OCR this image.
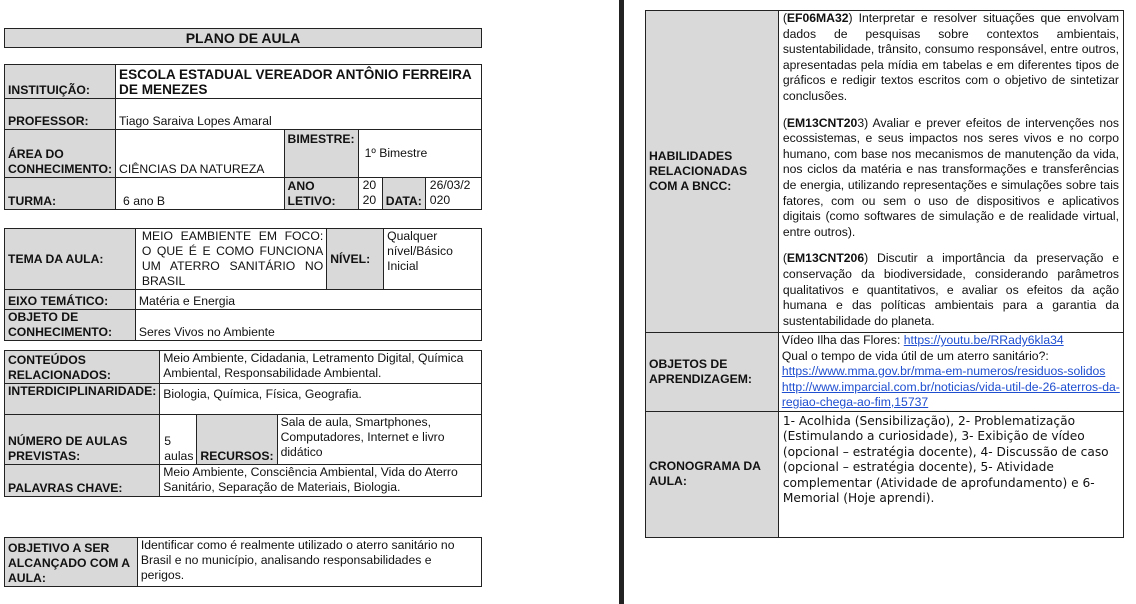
PLANO DE AULA
INSTITUIÇÃO:	ESCOLA ESTADUAL VEREADOR ANTÔNIO FERREIRA DE MENEZES				
PROFESSOR:	Tiago Saraiva Lopes Amaral				
ÁREA DO CONHECIMENTO:	CIÊNCIAS DA NATUREZA	BIMESTRE:	1º Bimestre		
TURMA:	6 ano B	ANO LETIVO:	2020	DATA:	26/03/2020
TEMA DA AULA:	MEIO EAMBIENTE EM FOCO: O QUE É E COMO FUNCIONA UM ATERRO SANITÁRIO NO BRASIL	NÍVEL:	Qualquer nível/Básico Inicial
EIXO TEMÁTICO:	Matéria e Energia		
OBJETO DE CONHECIMENTO:	Seres Vivos no Ambiente		
CONTEÚDOS RELACIONADOS:	Meio Ambiente, Cidadania, Letramento Digital, Química Ambiental, Responsabilidade Ambiental.		
INTERDICIPLINARIDADE:	Biologia, Química, Física, Geografia.		
NÚMERO DE AULAS PREVISTAS:	5 aulas	RECURSOS:	Sala de aula, Smartphones, Computadores, Internet e livro didático
PALAVRAS CHAVE:	Meio Ambiente, Consciência Ambiental, Vida do Aterro Sanitário, Separação de Materiais, Biologia.		
OBJETIVO A SER ALCANÇADO COM A AULA:	Identificar como é realmente utilizado o aterro sanitário no Brasil e no município, analisando responsabilidades e perigos.
HABILIDADES RELACIONADAS COM A BNCC:	(EF06MA32) Interpretar e resolver situações que envolvam dados de pesquisas sobre contextos ambientais, sustentabilidade, trânsito, consumo responsável, entre outros, apresentadas pela mídia em tabelas e em diferentes tipos de gráficos e redigir textos escritos com o objetivo de sintetizar conclusões.

(EM13CNT203) Avaliar e prever efeitos de intervenções nos ecossistemas, e seus impactos nos seres vivos e no corpo humano, com base nos mecanismos de manutenção da vida, nos ciclos da matéria e nas transformações e transferências de energia, utilizando representações e simulações sobre tais fatores, com ou sem o uso de dispositivos e aplicativos digitais (como softwares de simulação e de realidade virtual, entre outros).

(EM13CNT206) Discutir a importância da preservação e conservação da biodiversidade, considerando parâmetros qualitativos e quantitativos, e avaliar os efeitos da ação humana e das políticas ambientais para a garantia da sustentabilidade do planeta.

OBJETOS DE APRENDIZAGEM:	Vídeo Ilha das Flores: https://youtu.be/RRady6kla34
Qual o tempo de vida útil de um aterro sanitário?:
https://www.mma.gov.br/mma-em-numeros/residuos-solidos
http://www.imparcial.com.br/noticias/vida-util-de-26-aterros-da-regiao-chega-ao-fim,15737
CRONOGRAMA DA AULA:	1- Acolhida (Sensibilização), 2- Problematização (Estimulando a curiosidade), 3- Exibição de vídeo (opcional – estratégia docente), 4- Discussão de caso (opcional – estratégia docente), 5- Atividade complementar (Atividade de aprofundamento) e 6- Memorial (Hoje aprendi).
